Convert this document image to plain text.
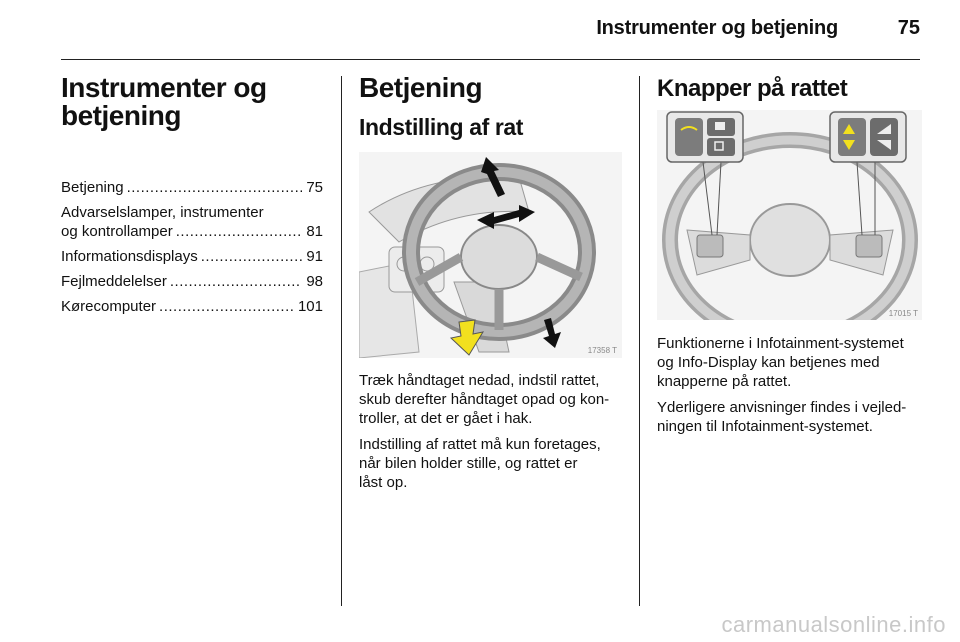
Instrumenter og betjening	75
Instrumenter og
betjening
Betjening .....	75
Advarselslamper, instrumenter
og kontrollamper .....	81
Informationsdisplays .....	91
Fejlmeddelelser .....	98
Kørecomputer .....	101
Betjening
Indstilling af rat
17358 T

Træk håndtaget nedad, indstil rattet,
skub derefter håndtaget opad og kon-
troller, at det er gået i hak.

Indstilling af rattet må kun foretages,
når bilen holder stille, og rattet er
låst op.

Knapper på rattet
17015 T

Funktionerne i Infotainment-systemet
og Info-Display kan betjenes med
knapperne på rattet.

Yderligere anvisninger findes i vejled-
ningen til Infotainment-systemet.

carmanualsonline.info
